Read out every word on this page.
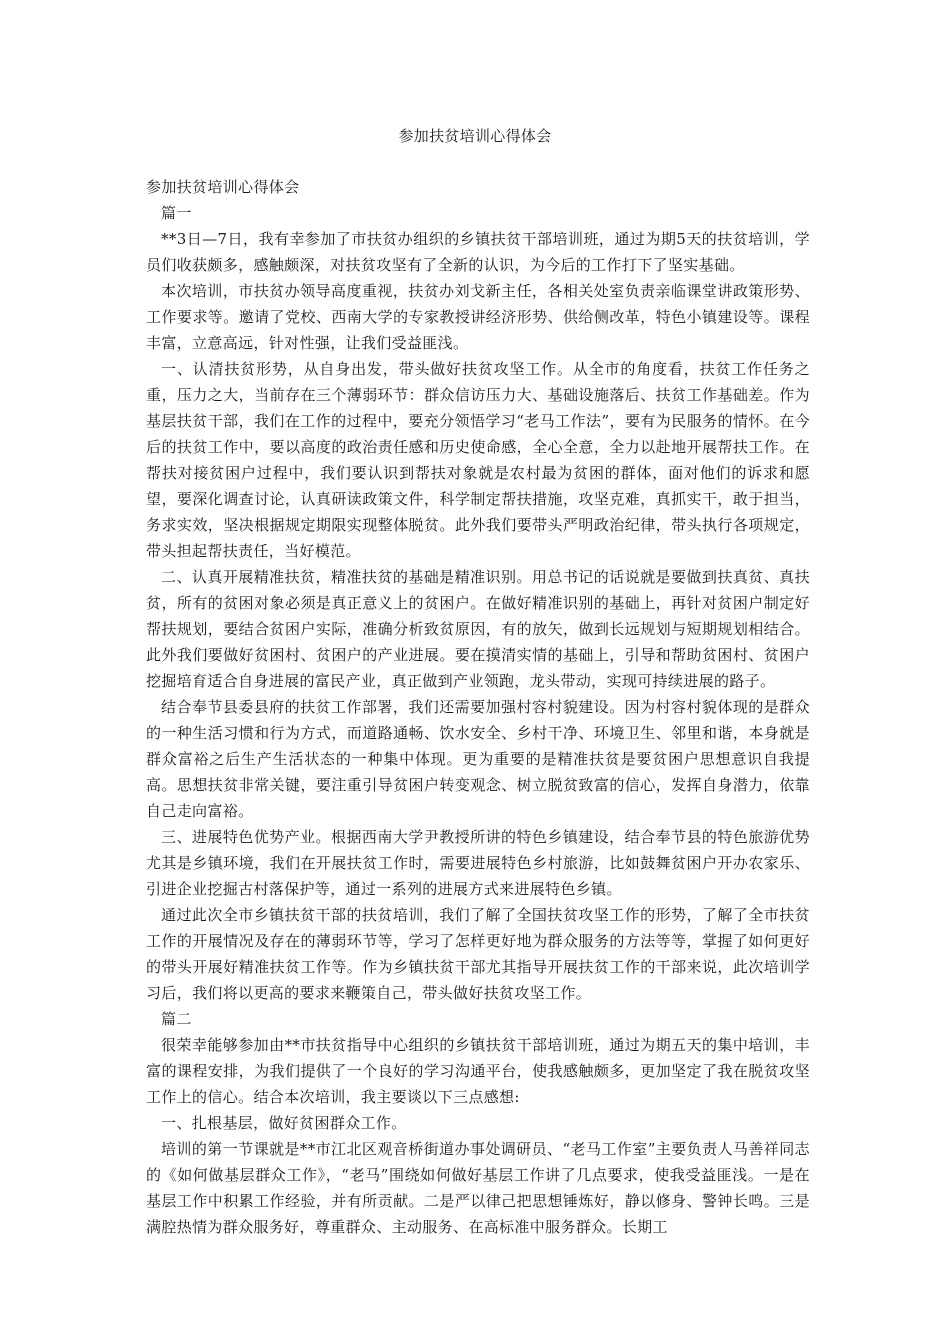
参加扶贫培训心得体会

参加扶贫培训心得体会

篇一

**3日—7日，我有幸参加了市扶贫办组织的乡镇扶贫干部培训班，通过为期5天的扶贫培训，学员们收获颇多，感触颇深，对扶贫攻坚有了全新的认识，为今后的工作打下了坚实基础。

本次培训，市扶贫办领导高度重视，扶贫办刘戈新主任，各相关处室负责亲临课堂讲政策形势、工作要求等。邀请了党校、西南大学的专家教授讲经济形势、供给侧改革，特色小镇建设等。课程丰富，立意高远，针对性强，让我们受益匪浅。

一、认清扶贫形势，从自身出发，带头做好扶贫攻坚工作。从全市的角度看，扶贫工作任务之重，压力之大，当前存在三个薄弱环节：群众信访压力大、基础设施落后、扶贫工作基础差。作为基层扶贫干部，我们在工作的过程中，要充分领悟学习“老马工作法”，要有为民服务的情怀。在今后的扶贫工作中，要以高度的政治责任感和历史使命感，全心全意，全力以赴地开展帮扶工作。在帮扶对接贫困户过程中，我们要认识到帮扶对象就是农村最为贫困的群体，面对他们的诉求和愿望，要深化调查讨论，认真研读政策文件，科学制定帮扶措施，攻坚克难，真抓实干，敢于担当，务求实效，坚决根据规定期限实现整体脱贫。此外我们要带头严明政治纪律，带头执行各项规定，带头担起帮扶责任，当好模范。

二、认真开展精准扶贫，精准扶贫的基础是精准识别。用总书记的话说就是要做到扶真贫、真扶贫，所有的贫困对象必须是真正意义上的贫困户。在做好精准识别的基础上，再针对贫困户制定好帮扶规划，要结合贫困户实际，准确分析致贫原因，有的放矢，做到长远规划与短期规划相结合。此外我们要做好贫困村、贫困户的产业进展。要在摸清实情的基础上，引导和帮助贫困村、贫困户挖掘培育适合自身进展的富民产业，真正做到产业领跑，龙头带动，实现可持续进展的路子。

结合奉节县委县府的扶贫工作部署，我们还需要加强村容村貌建设。因为村容村貌体现的是群众的一种生活习惯和行为方式，而道路通畅、饮水安全、乡村干净、环境卫生、邻里和谐，本身就是群众富裕之后生产生活状态的一种集中体现。更为重要的是精准扶贫是要贫困户思想意识自我提高。思想扶贫非常关键，要注重引导贫困户转变观念、树立脱贫致富的信心，发挥自身潜力，依靠自己走向富裕。

三、进展特色优势产业。根据西南大学尹教授所讲的特色乡镇建设，结合奉节县的特色旅游优势尤其是乡镇环境，我们在开展扶贫工作时，需要进展特色乡村旅游，比如鼓舞贫困户开办农家乐、引进企业挖掘古村落保护等，通过一系列的进展方式来进展特色乡镇。

通过此次全市乡镇扶贫干部的扶贫培训，我们了解了全国扶贫攻坚工作的形势，了解了全市扶贫工作的开展情况及存在的薄弱环节等，学习了怎样更好地为群众服务的方法等等，掌握了如何更好的带头开展好精准扶贫工作等。作为乡镇扶贫干部尤其指导开展扶贫工作的干部来说，此次培训学习后，我们将以更高的要求来鞭策自己，带头做好扶贫攻坚工作。

篇二

很荣幸能够参加由**市扶贫指导中心组织的乡镇扶贫干部培训班，通过为期五天的集中培训，丰富的课程安排，为我们提供了一个良好的学习沟通平台，使我感触颇多，更加坚定了我在脱贫攻坚工作上的信心。结合本次培训，我主要谈以下三点感想:

一、扎根基层，做好贫困群众工作。

培训的第一节课就是**市江北区观音桥街道办事处调研员、“老马工作室”主要负责人马善祥同志的《如何做基层群众工作》，“老马”围绕如何做好基层工作讲了几点要求，使我受益匪浅。一是在基层工作中积累工作经验，并有所贡献。二是严以律己把思想锤炼好，静以修身、警钟长鸣。三是满腔热情为群众服务好，尊重群众、主动服务、在高标准中服务群众。长期工
